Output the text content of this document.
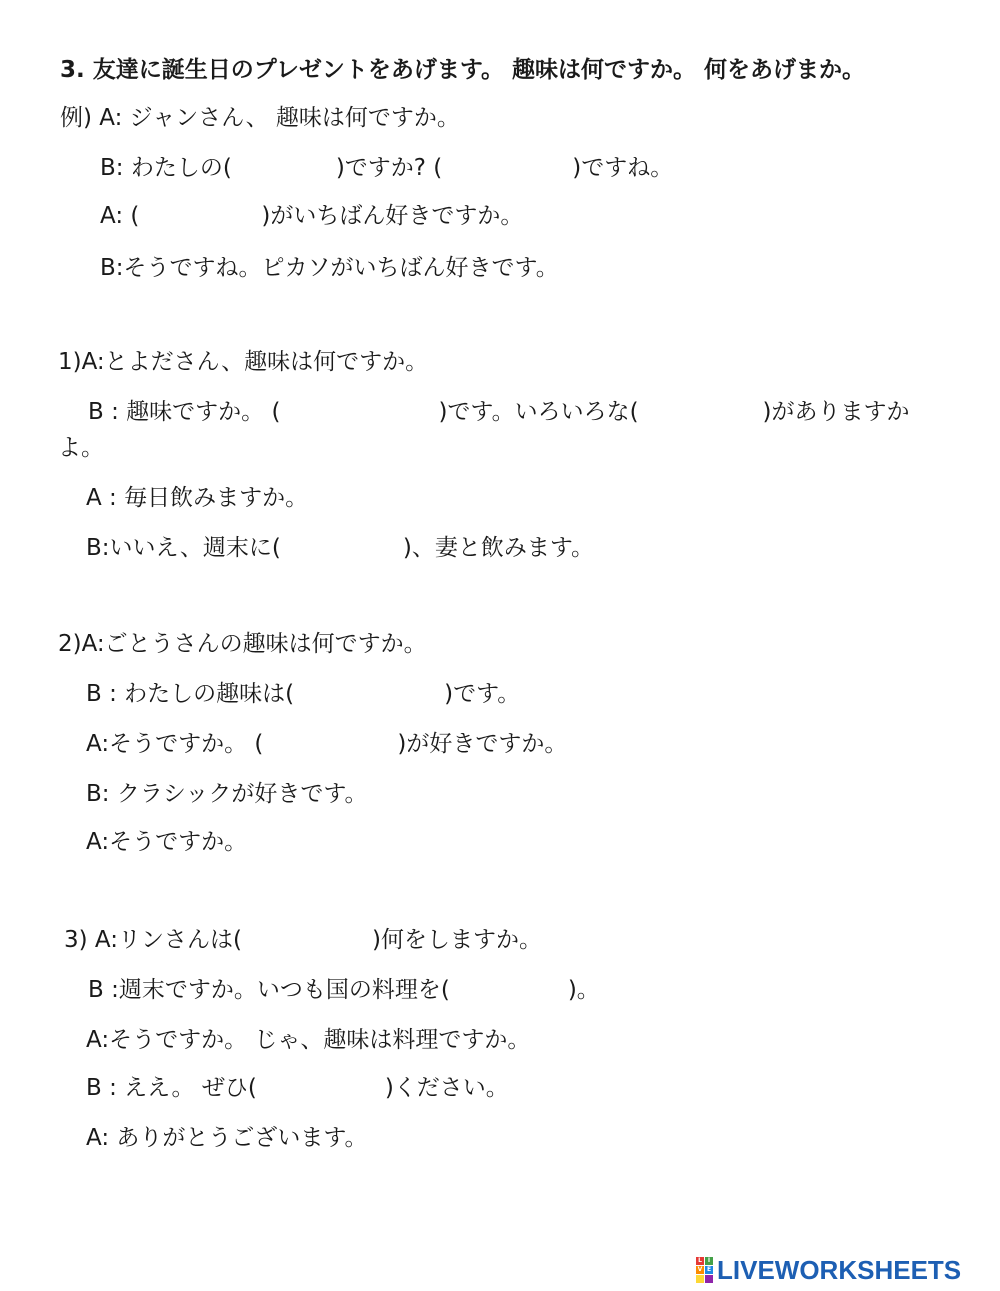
3. 友達に誕生日のプレゼントをあげます。 趣味は何ですか。 何をあげまか。
例) A: ジャンさん、 趣味は何ですか。
B: わたしの(	)ですか? (	)ですね。
A: (	)がいちばん好きですか。
B:そうですね。ピカソがいちばん好きです。
1)A:とよださん、趣味は何ですか。
B : 趣味ですか。 (	)です。いろいろな(	)がありますか
よ。
A : 毎日飲みますか。
B:いいえ、週末に(	)、妻と飲みます。
2)A:ごとうさんの趣味は何ですか。
B : わたしの趣味は(	)です。
A:そうですか。 (	)が好きですか。
B: クラシックが好きです。
A:そうですか。
3) A:リンさんは(	)何をしますか。
B :週末ですか。いつも国の料理を(	)。
A:そうですか。 じゃ、趣味は料理ですか。
B : ええ。 ぜひ(	)ください。
A: ありがとうございます。
L I
V E LIVEWORKSHEETS
